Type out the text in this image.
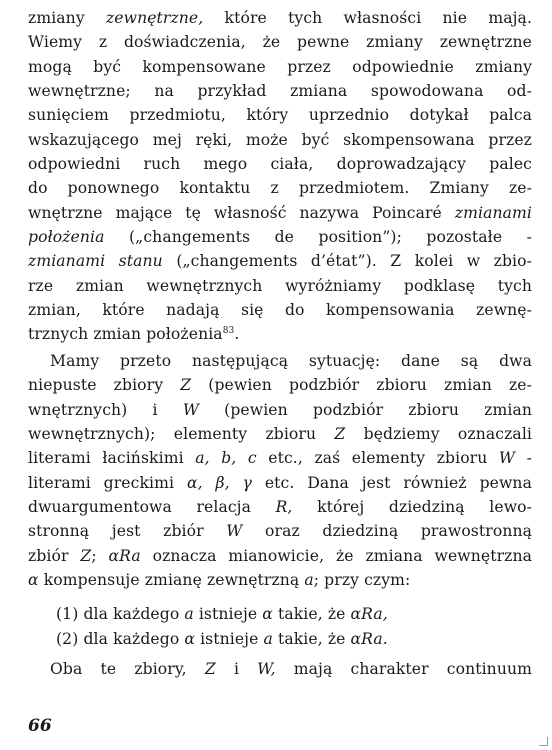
zmiany zewnętrzne, które tych własności nie mają.
Wiemy z doświadczenia, że pewne zmiany zewnętrzne
mogą być kompensowane przez odpowiednie zmiany
wewnętrzne; na przykład zmiana spowodowana od-
sunięciem przedmiotu, który uprzednio dotykał palca
wskazującego mej ręki, może być skompensowana przez
odpowiedni ruch mego ciała, doprowadzający palec
do ponownego kontaktu z przedmiotem. Zmiany ze-
wnętrzne mające tę własność nazywa Poincaré zmianami
położenia („changements de position”); pozostałe -
zmianami stanu („changements d’état”). Z kolei w zbio-
rze zmian wewnętrznych wyróżniamy podklasę tych
zmian, które nadają się do kompensowania zewnę-
trznych zmian położenia$^{83}$.
Mamy przeto następującą sytuację: dane są dwa
niepuste zbiory Z (pewien podzbiór zbioru zmian ze-
wnętrznych) i W (pewien podzbiór zbioru zmian
wewnętrznych); elementy zbioru Z będziemy oznaczali
literami łacińskimi a, b, c etc., zaś elementy zbioru W -
literami greckimi α, β, γ etc. Dana jest również pewna
dwuargumentowa relacja R, której dziedziną lewo-
stronną jest zbiór W oraz dziedziną prawostronną
zbiór Z; αRa oznacza mianowicie, że zmiana wewnętrzna
α kompensuje zmianę zewnętrzną a; przy czym:
(1) dla każdego a istnieje α takie, że αRa,
(2) dla każdego α istnieje a takie, że αRa.
Oba te zbiory, Z i W, mają charakter continuum
66
